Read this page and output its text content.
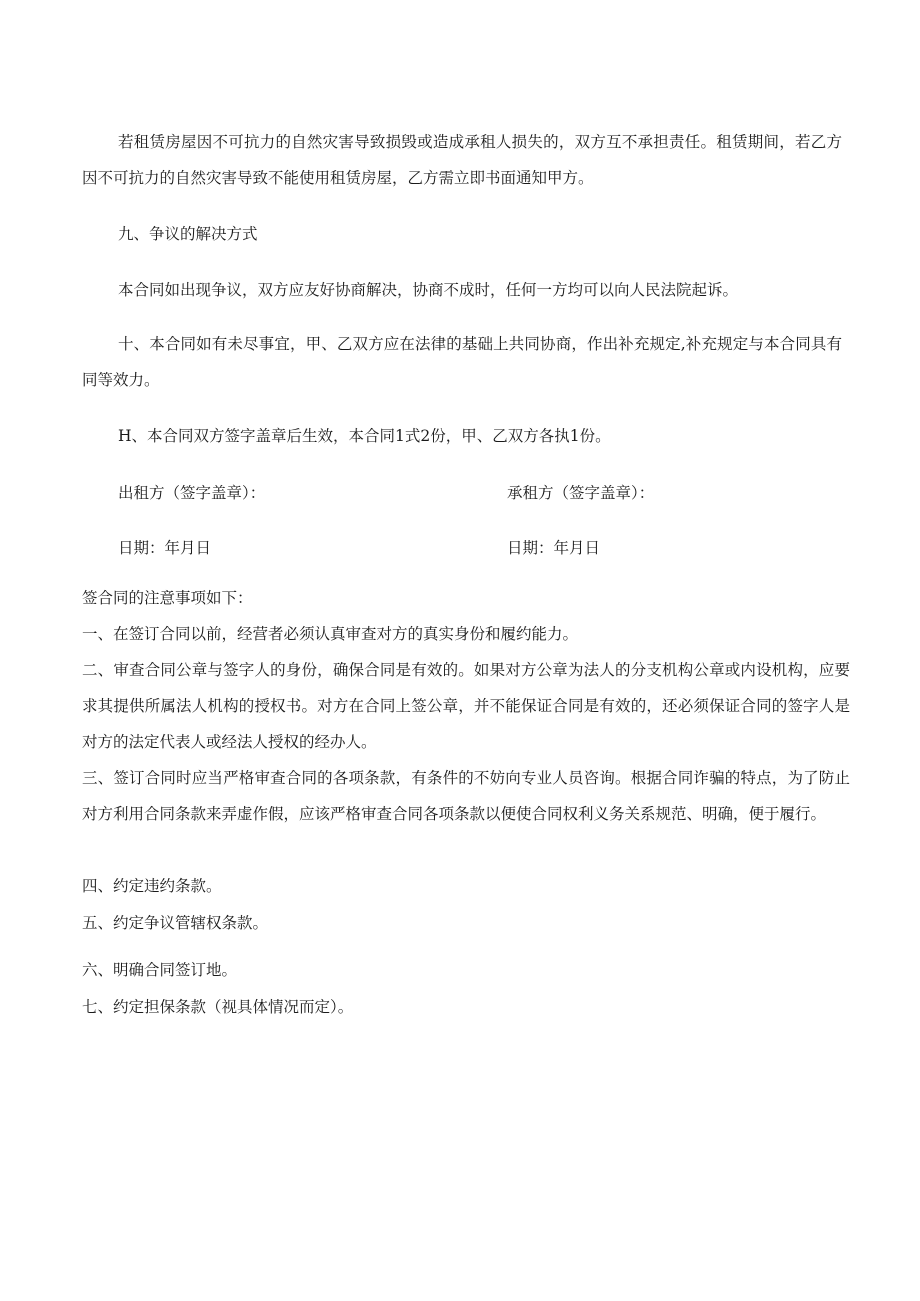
若租赁房屋因不可抗力的自然灾害导致损毁或造成承租人损失的，双方互不承担责任。租赁期间，若乙方因不可抗力的自然灾害导致不能使用租赁房屋，乙方需立即书面通知甲方。

九、争议的解决方式

本合同如出现争议，双方应友好协商解决，协商不成时，任何一方均可以向人民法院起诉。

十、本合同如有未尽事宜，甲、乙双方应在法律的基础上共同协商，作出补充规定,补充规定与本合同具有同等效力。

H、本合同双方签字盖章后生效，本合同1式2份，甲、乙双方各执1份。

出租方（签字盖章）：	承租方（签字盖章）：

日期：年月日	日期：年月日

签合同的注意事项如下：

一、在签订合同以前，经营者必须认真审查对方的真实身份和履约能力。

二、审查合同公章与签字人的身份，确保合同是有效的。如果对方公章为法人的分支机构公章或内设机构，应要求其提供所属法人机构的授权书。对方在合同上签公章，并不能保证合同是有效的，还必须保证合同的签字人是对方的法定代表人或经法人授权的经办人。

三、签订合同时应当严格审查合同的各项条款，有条件的不妨向专业人员咨询。根据合同诈骗的特点，为了防止对方利用合同条款来弄虚作假，应该严格审查合同各项条款以便使合同权利义务关系规范、明确，便于履行。

四、约定违约条款。

五、约定争议管辖权条款。

六、明确合同签订地。

七、约定担保条款（视具体情况而定）。
